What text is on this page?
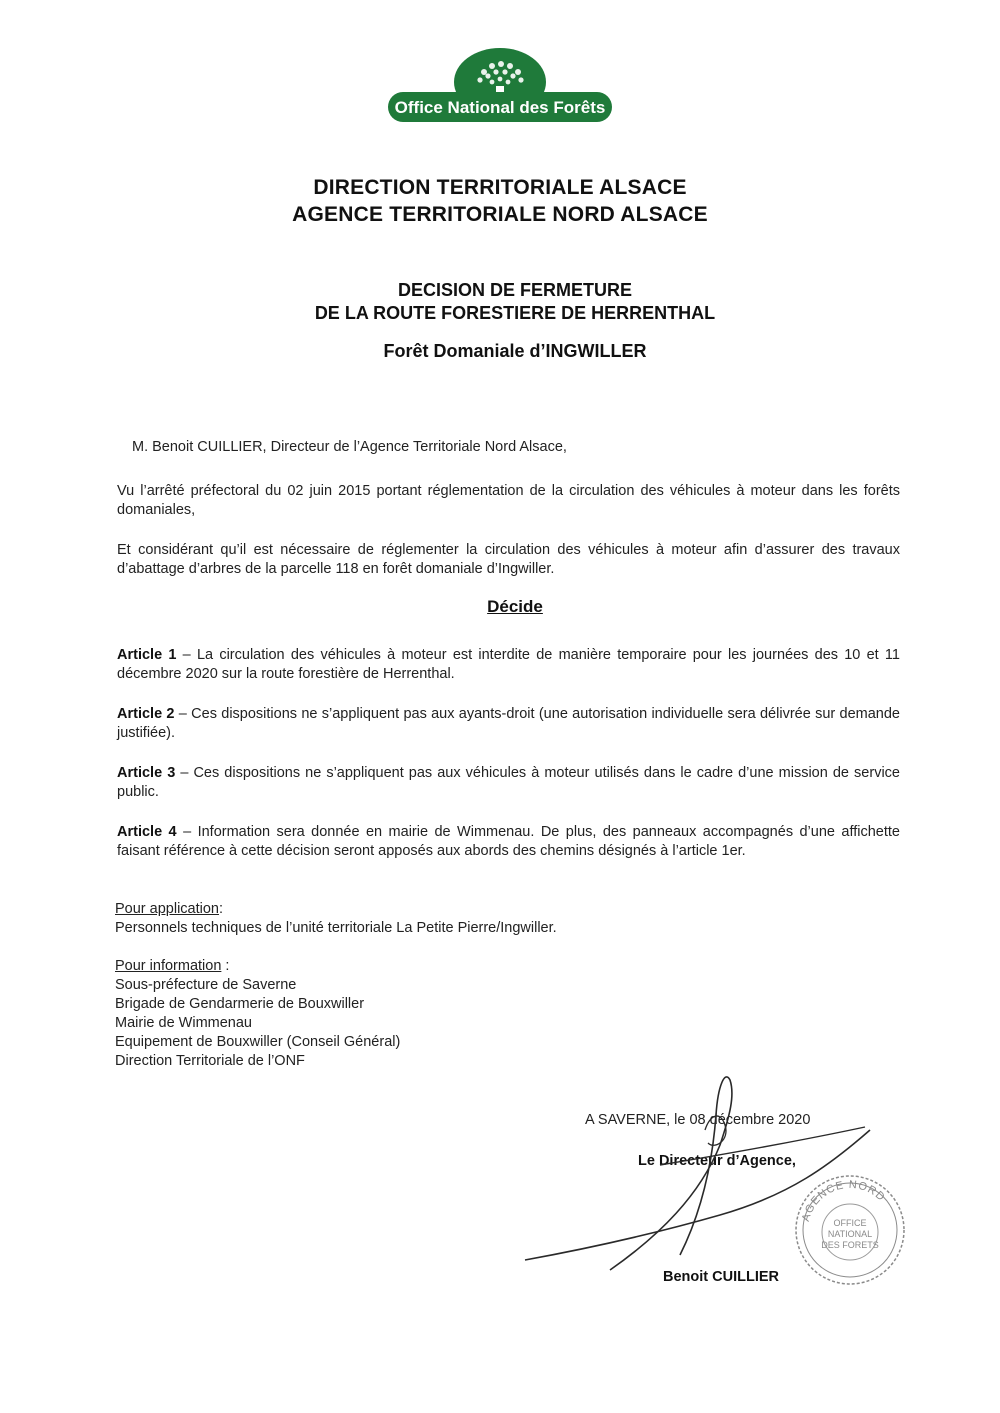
Office National des Forêts
DIRECTION TERRITORIALE ALSACE
AGENCE TERRITORIALE NORD ALSACE
DECISION DE FERMETURE
DE LA ROUTE FORESTIERE DE HERRENTHAL
Forêt Domaniale d’INGWILLER
M. Benoit CUILLIER, Directeur de l’Agence Territoriale Nord Alsace,
Vu l’arrêté préfectoral du 02 juin 2015 portant réglementation de la circulation des véhicules à moteur dans les forêts domaniales,
Et considérant qu’il est nécessaire de réglementer la circulation des véhicules à moteur afin d’assurer des travaux d’abattage d’arbres de la parcelle 118 en forêt domaniale d’Ingwiller.
Décide
Article 1 – La circulation des véhicules à moteur est interdite de manière temporaire pour les journées des 10 et 11 décembre 2020 sur la route forestière de Herrenthal.
Article 2 – Ces dispositions ne s’appliquent pas aux ayants-droit (une autorisation individuelle sera délivrée sur demande justifiée).
Article 3 – Ces dispositions ne s’appliquent pas aux véhicules à moteur utilisés dans le cadre d’une mission de service public.
Article 4 – Information sera donnée en mairie de Wimmenau. De plus, des panneaux accompagnés d’une affichette faisant référence à cette décision seront apposés aux abords des chemins désignés à l’article 1er.
Pour application:
Personnels techniques de l’unité territoriale La Petite Pierre/Ingwiller.
Pour information :
Sous-préfecture de Saverne
Brigade de Gendarmerie de Bouxwiller
Mairie de Wimmenau
Equipement de Bouxwiller (Conseil Général)
Direction Territoriale de l’ONF
A SAVERNE, le 08 décembre 2020
Le Directeur d’Agence,
Benoit CUILLIER
AGENCE NORD
OFFICE
NATIONAL
DES FORETS
